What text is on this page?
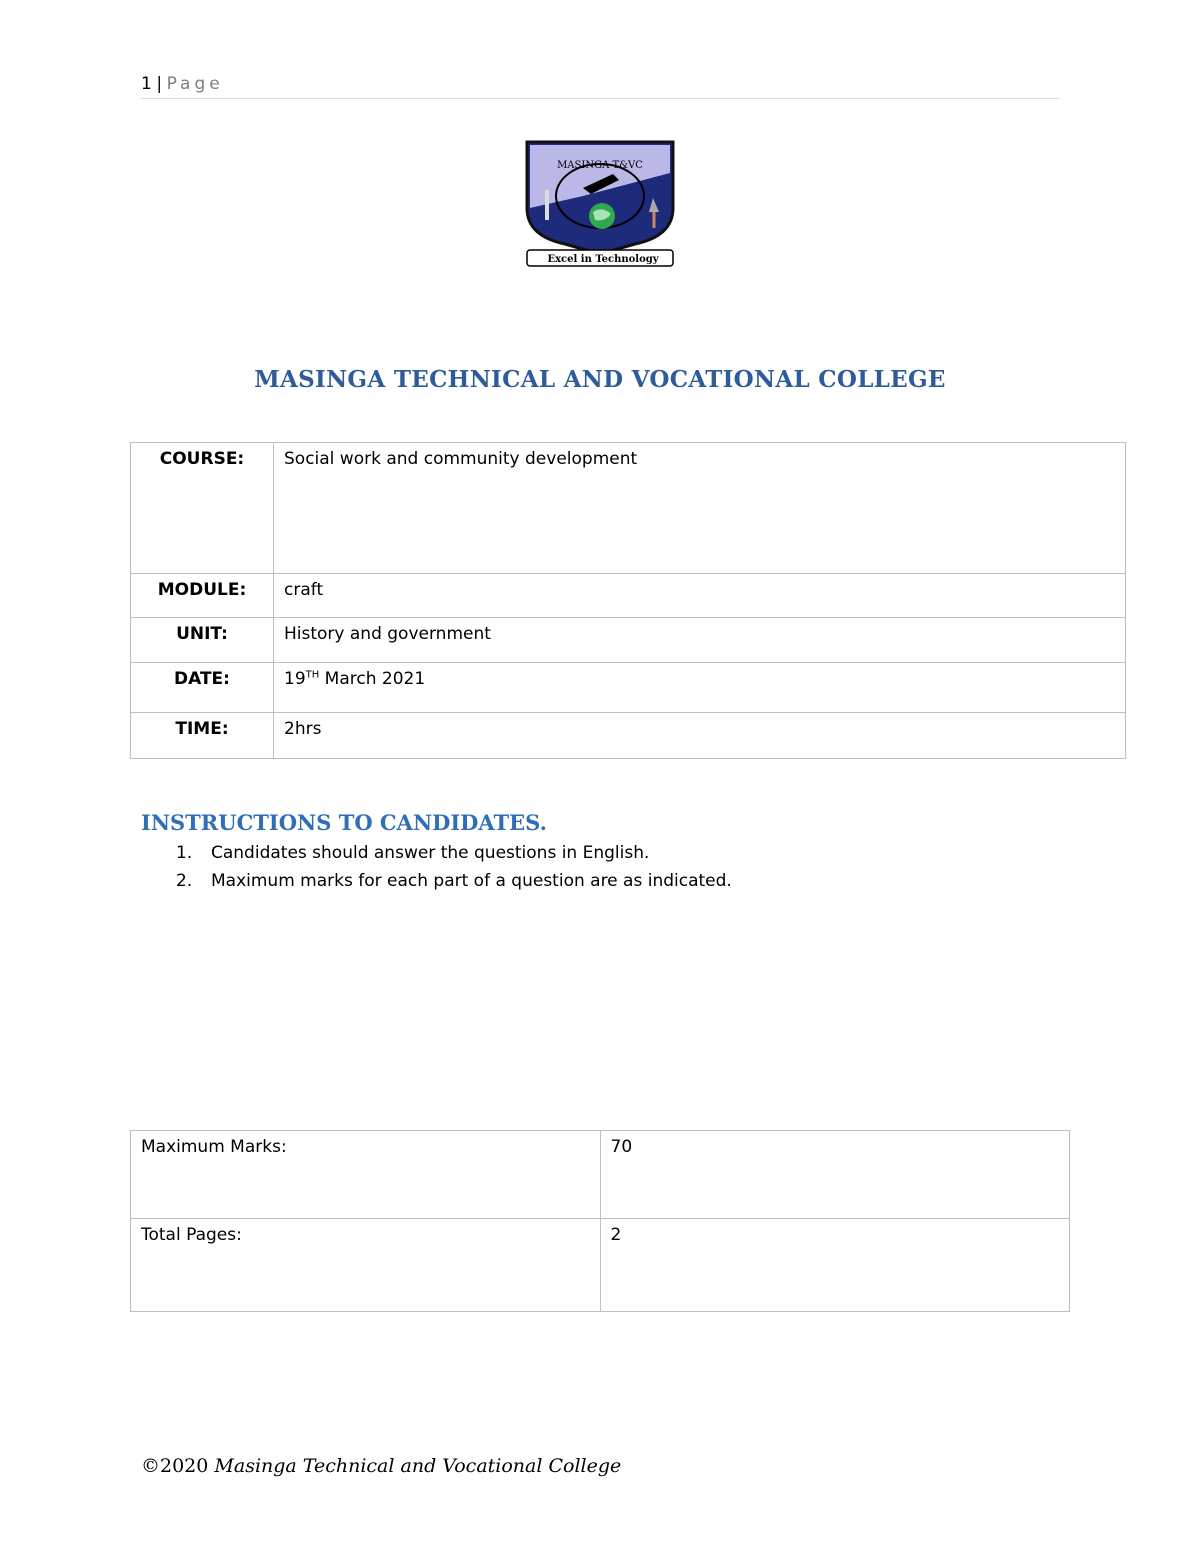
1 | Page
MASINGA T&VC
Excel in Technology
MASINGA TECHNICAL AND VOCATIONAL COLLEGE
COURSE:	Social work and community development
MODULE:	craft
UNIT:	History and government
DATE:	19TH March 2021
TIME:	2hrs
INSTRUCTIONS TO CANDIDATES.
1. Candidates should answer the questions in English.
2. Maximum marks for each part of a question are as indicated.
Maximum Marks:	70
Total Pages:	2
©2020 Masinga Technical and Vocational College
